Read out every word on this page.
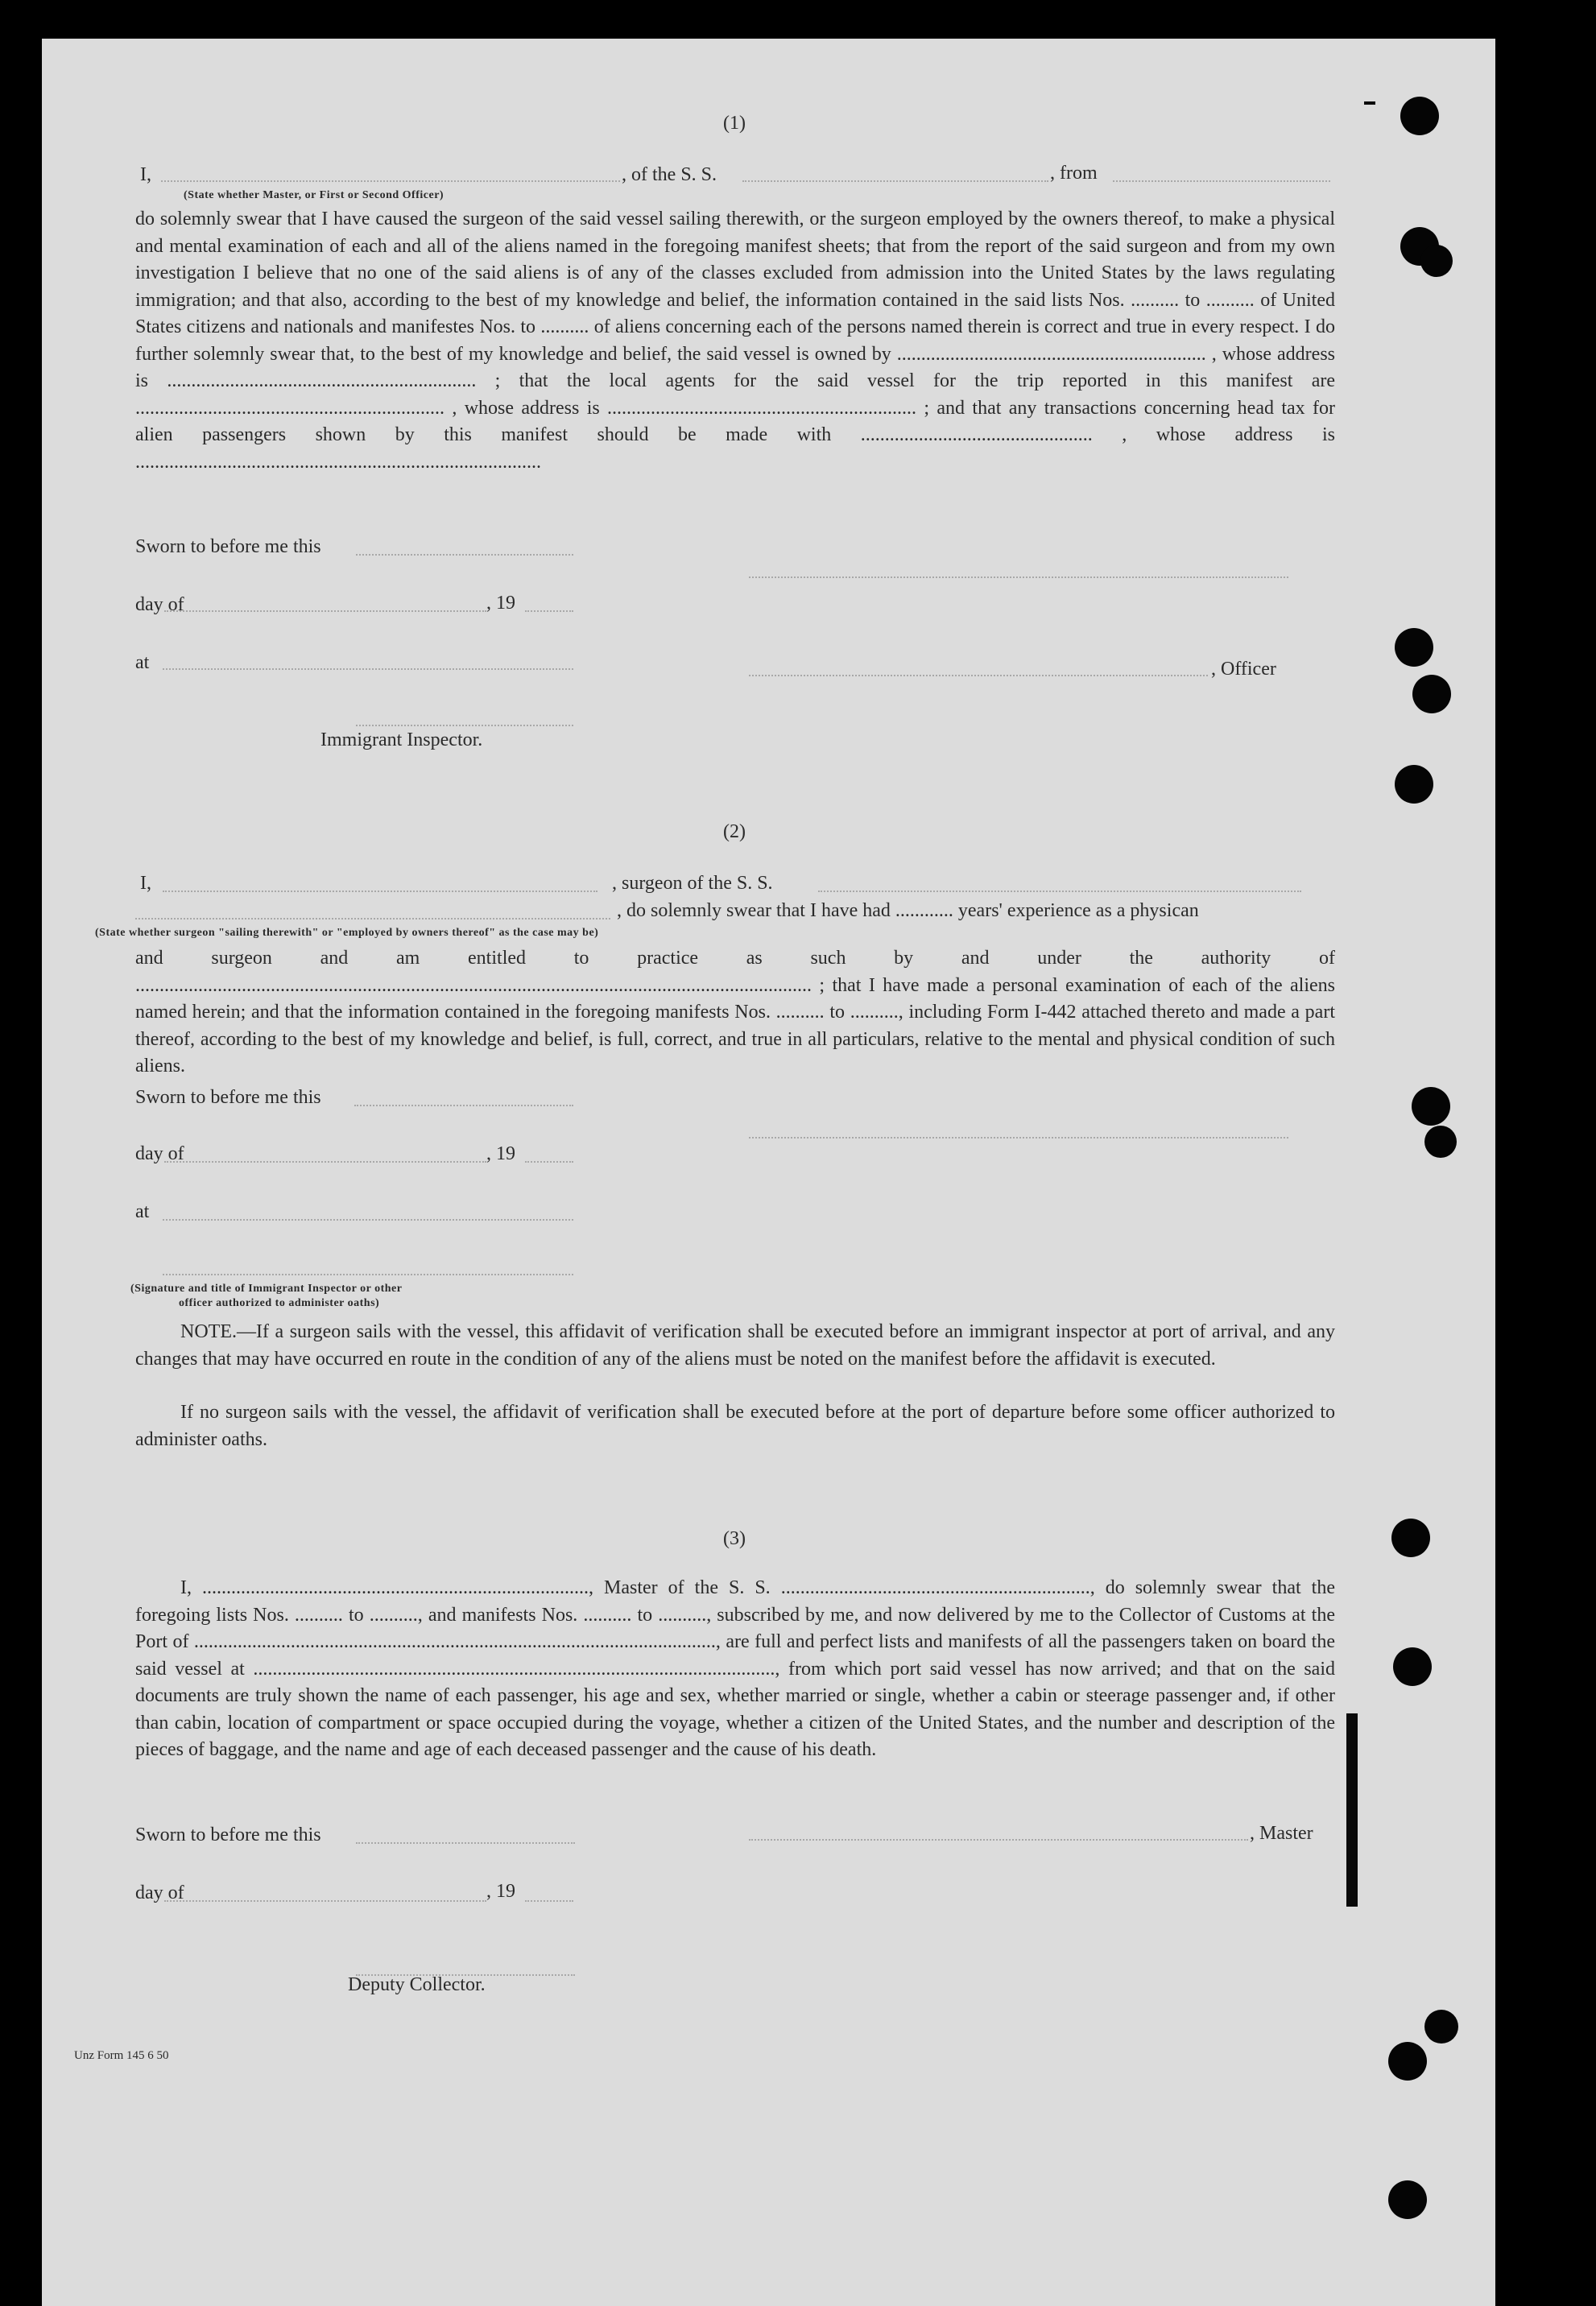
(1)
I,	, of the S. S.	, from
(State whether Master, or First or Second Officer)
do solemnly swear that I have caused the surgeon of the said vessel sailing therewith, or the surgeon employed by the owners thereof, to make a physical and mental examination of each and all of the aliens named in the foregoing manifest sheets; that from the report of the said surgeon and from my own investigation I believe that no one of the said aliens is of any of the classes excluded from admission into the United States by the laws regulating immigration; and that also, according to the best of my knowledge and belief, the information contained in the said lists Nos. .......... to .......... of United States citizens and nationals and manifestes Nos. to .......... of aliens concerning each of the persons named therein is correct and true in every respect. I do further solemnly swear that, to the best of my knowledge and belief, the said vessel is owned by ................................................................ , whose address is ................................................................ ; that the local agents for the said vessel for the trip reported in this manifest are ................................................................ , whose address is ................................................................ ; and that any transactions concerning head tax for alien passengers shown by this manifest should be made with ................................................ , whose address is ....................................................................................
Sworn to before me this
day of	, 19
at	, Officer
Immigrant Inspector.
(2)
I,	, surgeon of the S. S.
, do solemnly swear that I have had ............ years' experience as a physican
(State whether surgeon "sailing therewith" or "employed by owners thereof" as the case may be)
and surgeon and am entitled to practice as such by and under the authority of ............................................................................................................................................ ; that I have made a personal examination of each of the aliens named herein; and that the information contained in the foregoing manifests Nos. .......... to .........., including Form I-442 attached thereto and made a part thereof, according to the best of my knowledge and belief, is full, correct, and true in all particulars, relative to the mental and physical condition of such aliens.
Sworn to before me this
day of	, 19
at
(Signature and title of Immigrant Inspector or other
officer authorized to administer oaths)
NOTE.—If a surgeon sails with the vessel, this affidavit of verification shall be executed before an immigrant inspector at port of arrival, and any changes that may have occurred en route in the condition of any of the aliens must be noted on the manifest before the affidavit is executed.
If no surgeon sails with the vessel, the affidavit of verification shall be executed before at the port of departure before some officer authorized to administer oaths.
(3)
I, ................................................................................, Master of the S. S. ................................................................, do solemnly swear that the foregoing lists Nos. .......... to .........., and manifests Nos. .......... to .........., subscribed by me, and now delivered by me to the Collector of Customs at the Port of ............................................................................................................, are full and perfect lists and manifests of all the passengers taken on board the said vessel at ............................................................................................................, from which port said vessel has now arrived; and that on the said documents are truly shown the name of each passenger, his age and sex, whether married or single, whether a cabin or steerage passenger and, if other than cabin, location of compartment or space occupied during the voyage, whether a citizen of the United States, and the number and description of the pieces of baggage, and the name and age of each deceased passenger and the cause of his death.
Sworn to before me this	, Master
day of	, 19
Deputy Collector.
Unz Form 145 6 50
